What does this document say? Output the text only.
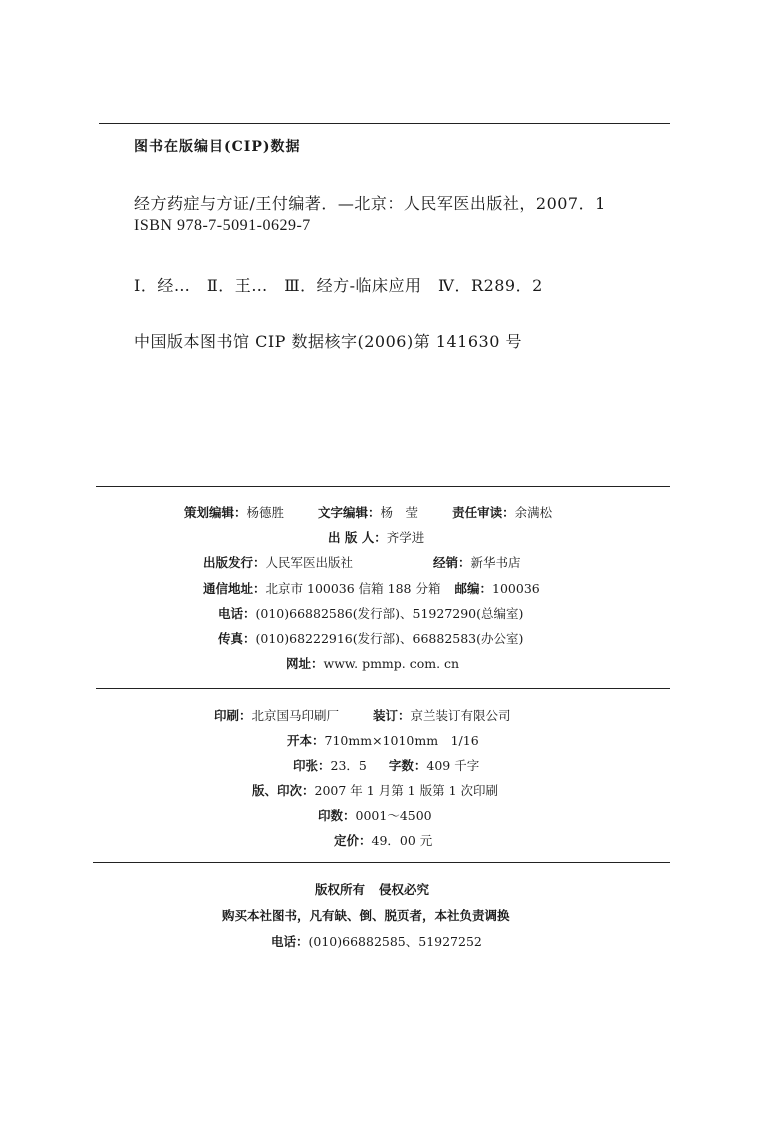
图书在版编目(CIP)数据
经方药症与方证/王付编著．—北京：人民军医出版社，2007．1
ISBN 978-7-5091-0629-7
Ⅰ．经…　Ⅱ．王…　Ⅲ．经方-临床应用　Ⅳ．R289．2
中国版本图书馆 CIP 数据核字(2006)第 141630 号
策划编辑：杨德胜	文字编辑：杨　莹	责任审读：余满松
出 版 人：齐学进
出版发行：人民军医出版社	经销：新华书店
通信地址：北京市 100036 信箱 188 分箱 邮编：100036
电话：(010)66882586(发行部)、51927290(总编室)
传真：(010)68222916(发行部)、66882583(办公室)
网址：www. pmmp. com. cn
印刷：北京国马印刷厂	装订：京兰装订有限公司
开本：710mm×1010mm　1/16
印张：23．5 字数：409 千字
版、印次：2007 年 1 月第 1 版第 1 次印刷
印数：0001～4500
定价：49．00 元
版权所有 侵权必究
购买本社图书，凡有缺、倒、脱页者，本社负责调换
电话：(010)66882585、51927252
